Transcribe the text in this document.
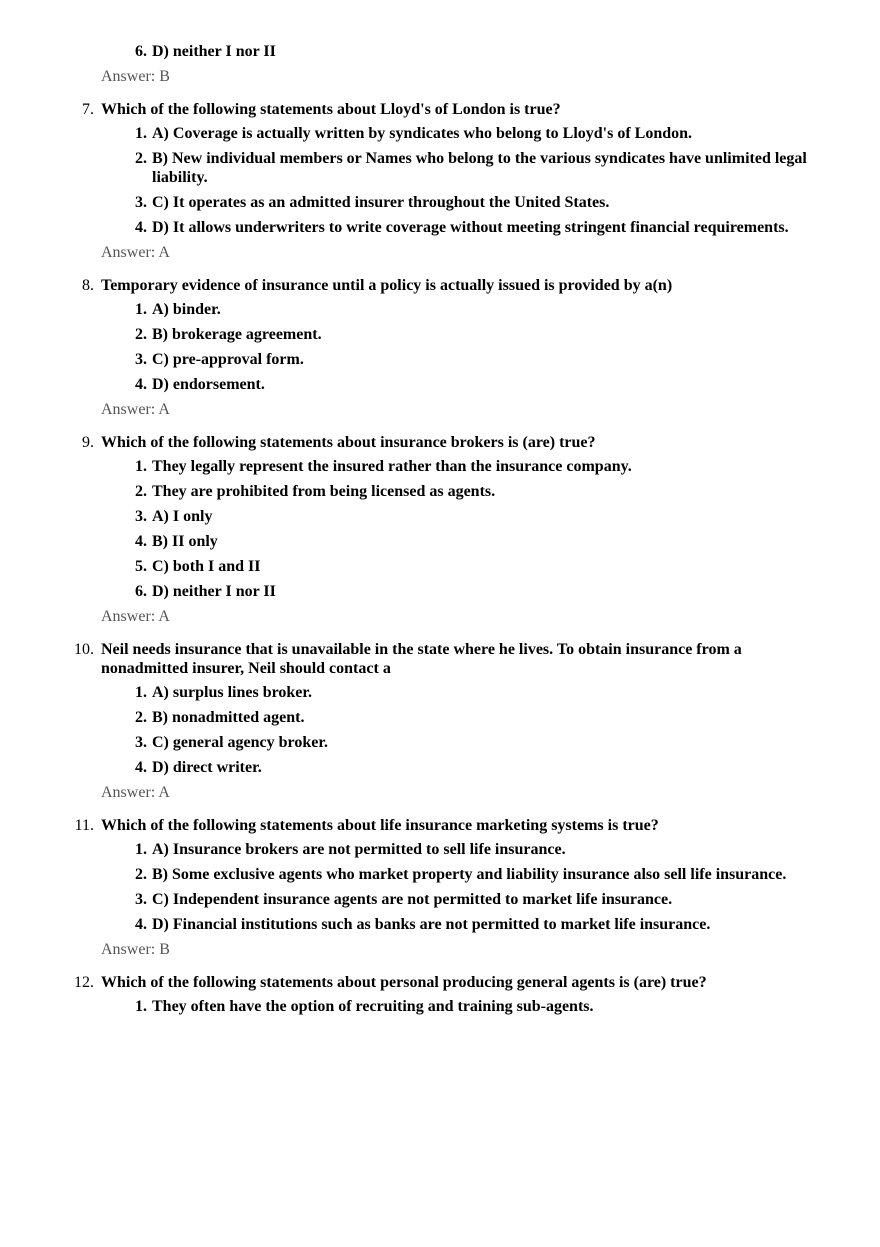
6. D) neither I nor II
Answer: B
7. Which of the following statements about Lloyd's of London is true?
1. A) Coverage is actually written by syndicates who belong to Lloyd's of London.
2. B) New individual members or Names who belong to the various syndicates have unlimited legal liability.
3. C) It operates as an admitted insurer throughout the United States.
4. D) It allows underwriters to write coverage without meeting stringent financial requirements.
Answer: A
8. Temporary evidence of insurance until a policy is actually issued is provided by a(n)
1. A) binder.
2. B) brokerage agreement.
3. C) pre-approval form.
4. D) endorsement.
Answer: A
9. Which of the following statements about insurance brokers is (are) true?
1. They legally represent the insured rather than the insurance company.
2. They are prohibited from being licensed as agents.
3. A) I only
4. B) II only
5. C) both I and II
6. D) neither I nor II
Answer: A
10. Neil needs insurance that is unavailable in the state where he lives. To obtain insurance from a nonadmitted insurer, Neil should contact a
1. A) surplus lines broker.
2. B) nonadmitted agent.
3. C) general agency broker.
4. D) direct writer.
Answer: A
11. Which of the following statements about life insurance marketing systems is true?
1. A) Insurance brokers are not permitted to sell life insurance.
2. B) Some exclusive agents who market property and liability insurance also sell life insurance.
3. C) Independent insurance agents are not permitted to market life insurance.
4. D) Financial institutions such as banks are not permitted to market life insurance.
Answer: B
12. Which of the following statements about personal producing general agents is (are) true?
1. They often have the option of recruiting and training sub-agents.
